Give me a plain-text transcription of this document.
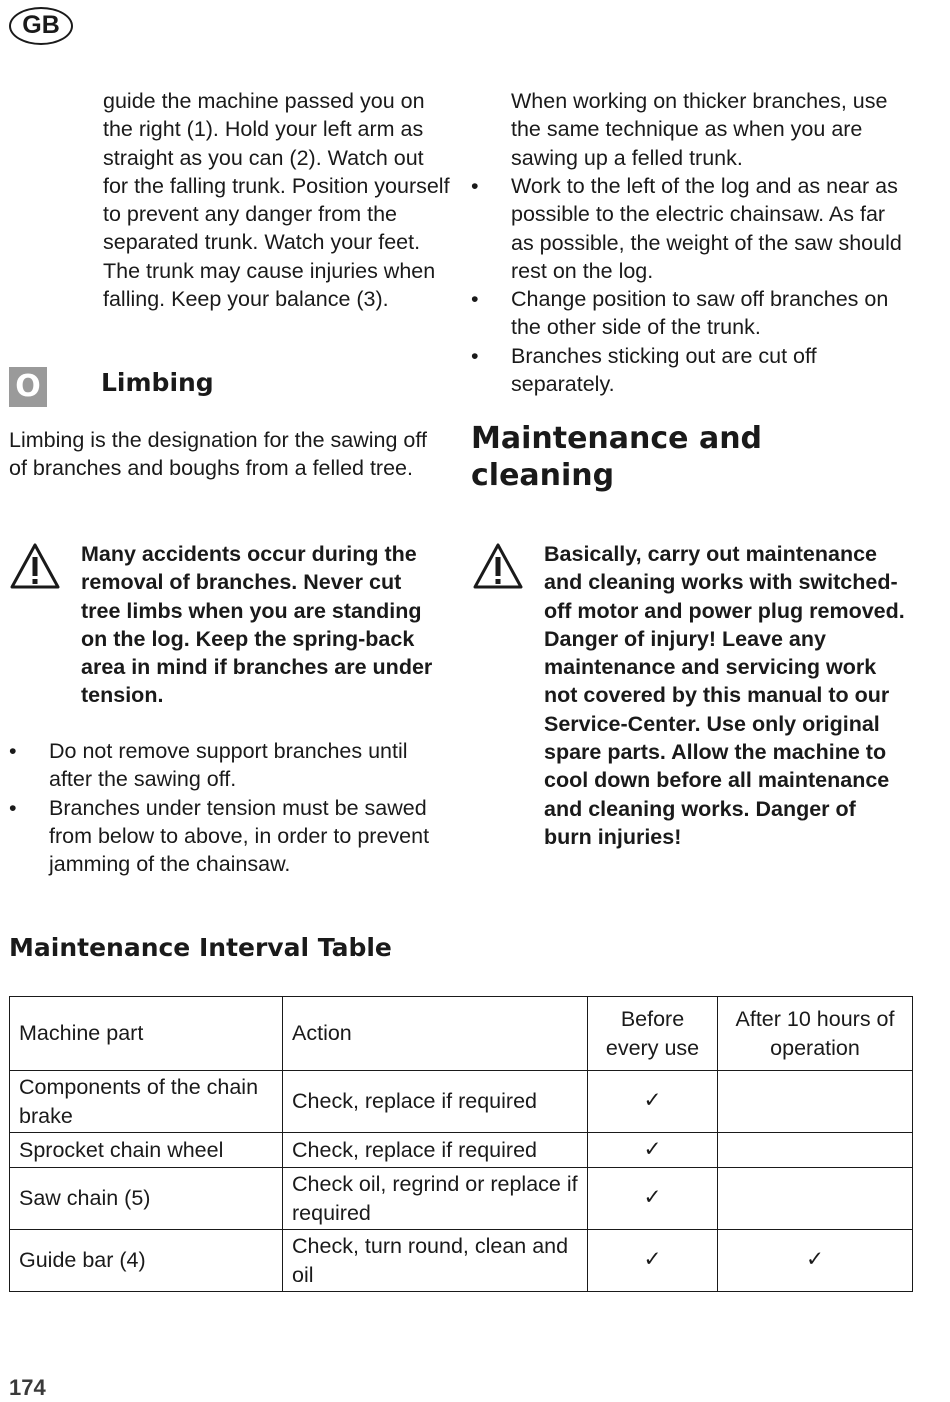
GB

guide the machine passed you on the right (1). Hold your left arm as straight as you can (2). Watch out for the falling trunk. Position yourself to prevent any danger from the separated trunk. Watch your feet. The trunk may cause injuries when falling. Keep your balance (3).

O Limbing

Limbing is the designation for the sawing off of branches and boughs from a felled tree.

Many accidents occur during the removal of branches. Never cut tree limbs when you are standing on the log. Keep the spring-back area in mind if branches are under tension.

• Do not remove support branches until after the sawing off.
• Branches under tension must be sawed from below to above, in order to prevent jamming of the chainsaw.

When working on thicker branches, use the same technique as when you are sawing up a felled trunk.

• Work to the left of the log and as near as possible to the electric chainsaw. As far as possible, the weight of the saw should rest on the log.
• Change position to saw off branches on the other side of the trunk.
• Branches sticking out are cut off separately.
Maintenance and cleaning

Basically, carry out maintenance and cleaning works with switched-off motor and power plug removed. Danger of injury! Leave any maintenance and servicing work not covered by this manual to our Service-Center. Use only original spare parts. Allow the machine to cool down before all maintenance and cleaning works. Danger of burn injuries!

Maintenance Interval Table
Machine part	Action	Before every use	After 10 hours of operation
Components of the chain brake	Check, replace if required	✓	
Sprocket chain wheel	Check, replace if required	✓	
Saw chain (5)	Check oil, regrind or replace if required	✓	
Guide bar (4)	Check, turn round, clean and oil	✓	✓
174
